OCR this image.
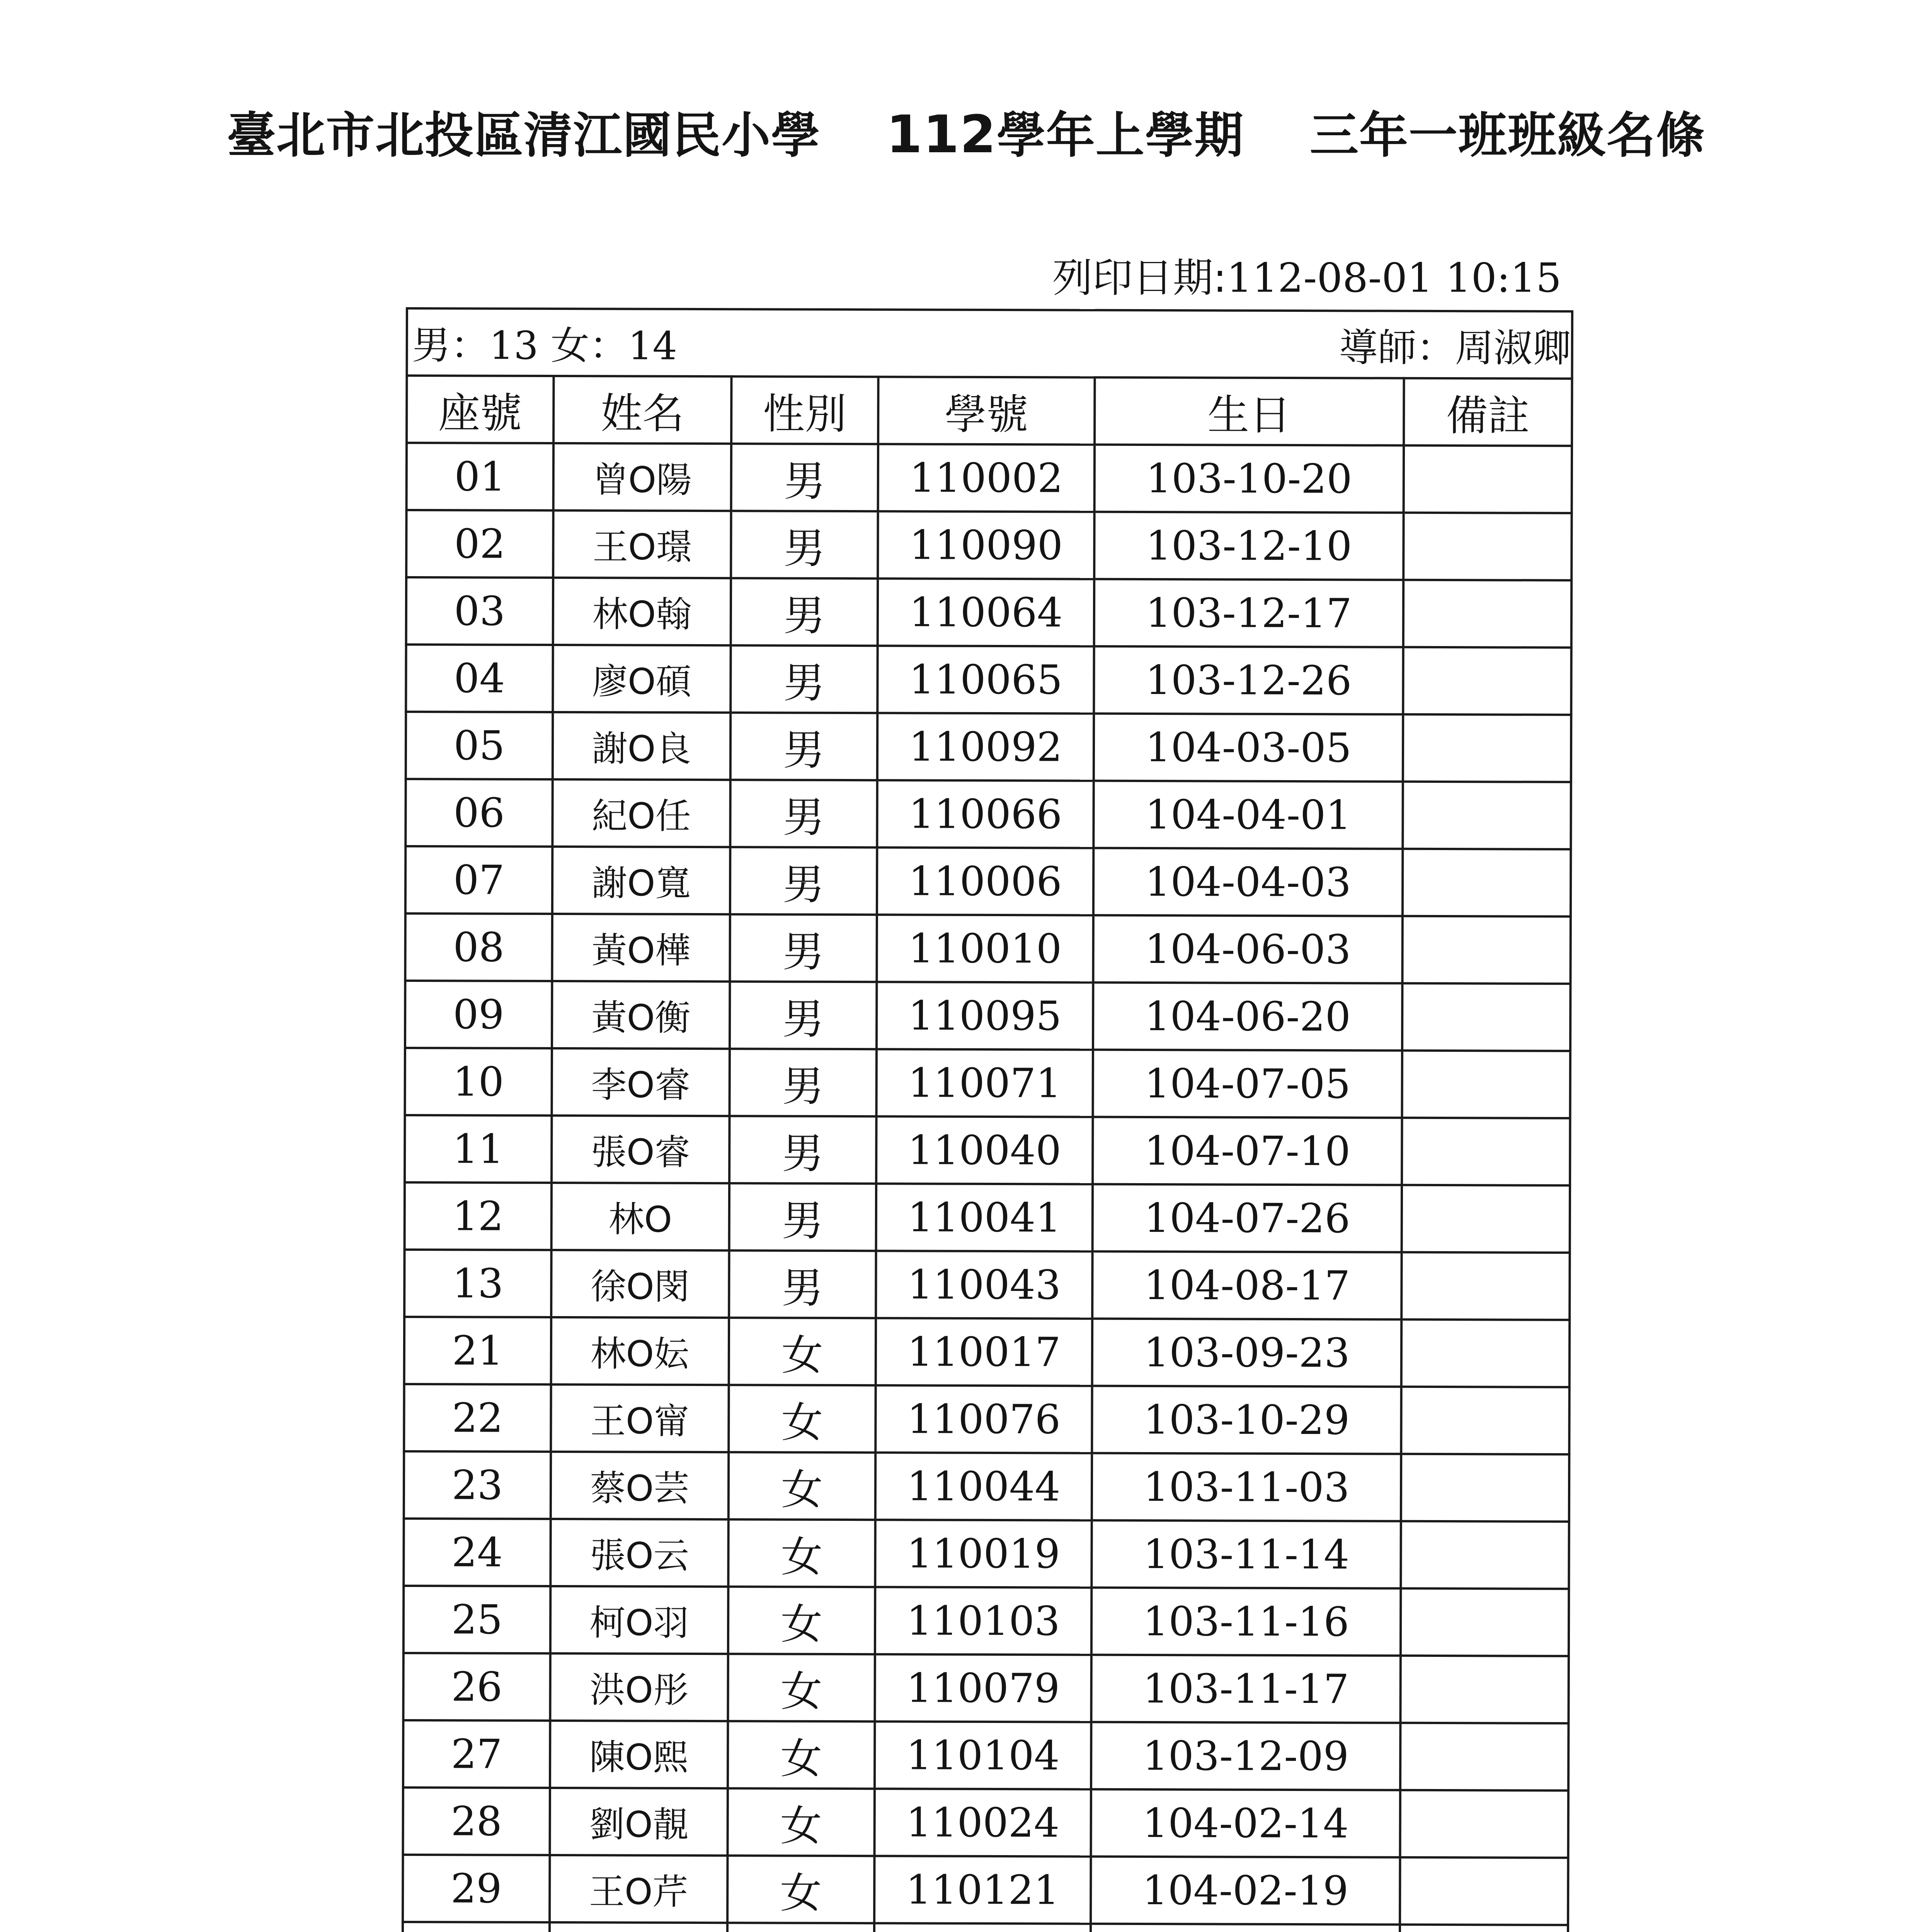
臺北市北投區清江國民小學 112學年上學期 三年一班班級名條
列印日期:112-08-01 10:15
男：13 女：14 導師：周淑卿					

座號	姓名	性別	學號	生日	備註
01	曾O陽	男	110002	103-10-20	
02	王O璟	男	110090	103-12-10	
03	林O翰	男	110064	103-12-17	
04	廖O碩	男	110065	103-12-26	
05	謝O良	男	110092	104-03-05	
06	紀O任	男	110066	104-04-01	
07	謝O寬	男	110006	104-04-03	
08	黃O樺	男	110010	104-06-03	
09	黃O衡	男	110095	104-06-20	
10	李O睿	男	110071	104-07-05	
11	張O睿	男	110040	104-07-10	
12	林O	男	110041	104-07-26	
13	徐O閔	男	110043	104-08-17	
21	林O妘	女	110017	103-09-23	
22	王O甯	女	110076	103-10-29	
23	蔡O芸	女	110044	103-11-03	
24	張O云	女	110019	103-11-14	
25	柯O羽	女	110103	103-11-16	
26	洪O彤	女	110079	103-11-17	
27	陳O熙	女	110104	103-12-09	
28	劉O靚	女	110024	104-02-14	
29	王O芹	女	110121	104-02-19	
